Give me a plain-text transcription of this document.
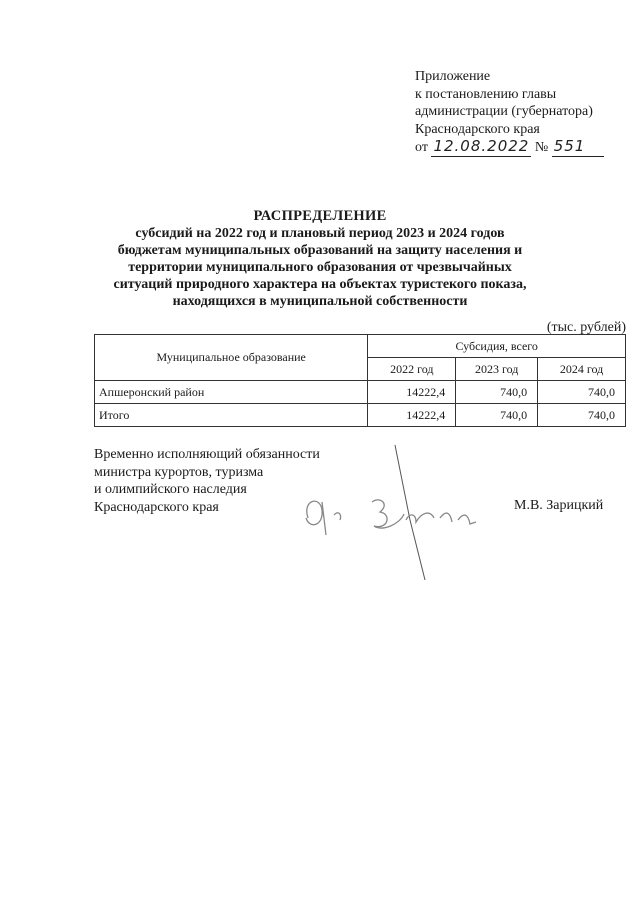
Приложение
к постановлению главы
администрации (губернатора)
Краснодарского края
от 12.08.2022 № 551
РАСПРЕДЕЛЕНИЕ
субсидий на 2022 год и плановый период 2023 и 2024 годов
бюджетам муниципальных образований на защиту населения и
территории муниципального образования от чрезвычайных
ситуаций природного характера на объектах туристекого показа,
находящихся в муниципальной собственности
(тыс. рублей)
Муниципальное образование	Субсидия, всего		
	2022 год	2023 год	2024 год
Апшеронский район	14222,4	740,0	740,0
Итого	14222,4	740,0	740,0
Временно исполняющий обязанности
министра курортов, туризма
и олимпийского наследия
Краснодарского края	М.В. Зарицкий
